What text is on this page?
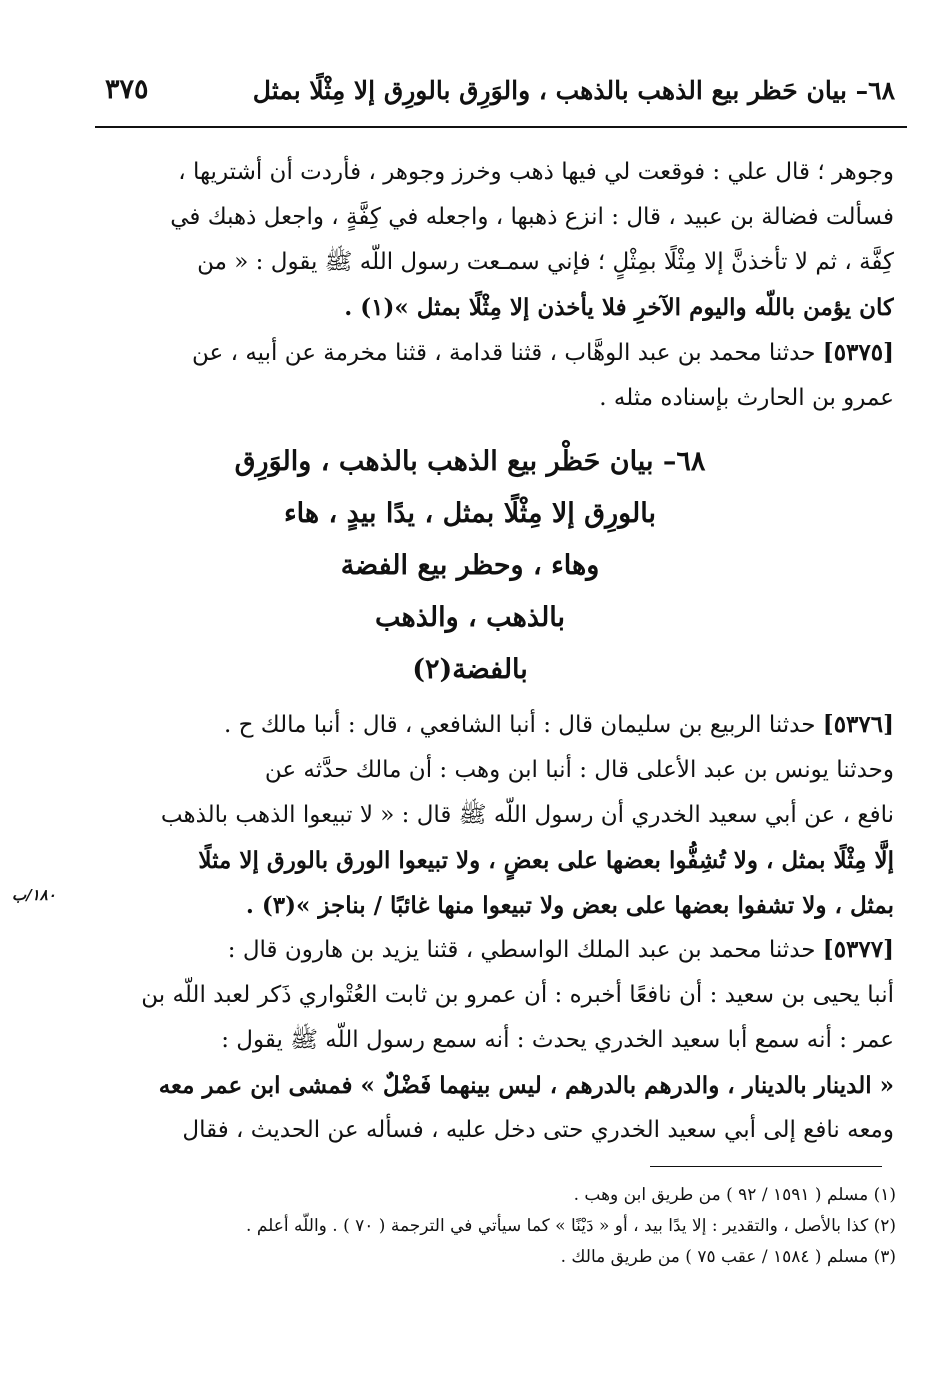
٦٨– بيان حَظر بيع الذهب بالذهب ، والوَرِق بالورِق إلا مِثْلًا بمثل
٣٧٥
وجوهر ؛ قال علي : فوقعت لي فيها ذهب وخرز وجوهر ، فأردت أن أشتريها ،
فسألت فضالة بن عبيد ، قال : انزع ذهبها ، واجعله في كِفَّةٍ ، واجعل ذهبك في
كِفَّة ، ثم لا تأخذنَّ إلا مِثْلًا بمِثْلٍ ؛ فإني سمـعت رسول اللّه ﷺ يقول : « من
كان يؤمن باللّه واليوم الآخرِ فلا يأخذن إلا مِثْلًا بمثل »(١) .
[٥٣٧٥] حدثنا محمد بن عبد الوهَّاب ، قثنا قدامة ، قثنا مخرمة عن أبيه ، عن
عمرو بن الحارث بإسناده مثله .
٦٨– بيان حَظْر بيع الذهب بالذهب ، والوَرِق
بالورِق إلا مِثْلًا بمثل ، يدًا بيدٍ ، هاء
وهاء ، وحظر بيع الفضة
بالذهب ، والذهب
بالفضة(٢)
[٥٣٧٦] حدثنا الربيع بن سليمان قال : أنبا الشافعي ، قال : أنبا مالك ح .
وحدثنا يونس بن عبد الأعلى قال : أنبا ابن وهب : أن مالك حدَّثه عن
نافع ، عن أبي سعيد الخدري أن رسول اللّه ﷺ قال : « لا تبيعوا الذهب بالذهب
إلَّا مِثْلًا بمثل ، ولا تُشِفُّوا بعضها على بعضٍ ، ولا تبيعوا الورق بالورق إلا مثلًا
بمثل ، ولا تشفوا بعضها على بعض ولا تبيعوا منها غائبًا / بناجز »(٣) .
١٨٠/ب
[٥٣٧٧] حدثنا محمد بن عبد الملك الواسطي ، قثنا يزيد بن هارون قال :
أنبا يحيى بن سعيد : أن نافعًا أخبره : أن عمرو بن ثابت العُتْواري ذَكر لعبد اللّه بن
عمر : أنه سمع أبا سعيد الخدري يحدث : أنه سمع رسول اللّه ﷺ يقول :
« الدينار بالدينار ، والدرهم بالدرهم ، ليس بينهما فَضْلٌ » فمشى ابن عمر معه
ومعه نافع إلى أبي سعيد الخدري حتى دخل عليه ، فسأله عن الحديث ، فقال
(١) مسلم ( ١٥٩١ / ٩٢ ) من طريق ابن وهب .
(٢) كذا بالأصل ، والتقدير : إلا يدًا بيد ، أو « دَيْنًا » كما سيأتي في الترجمة ( ٧٠ ) . واللّه أعلم .
(٣) مسلم ( ١٥٨٤ / عقب ٧٥ ) من طريق مالك .
